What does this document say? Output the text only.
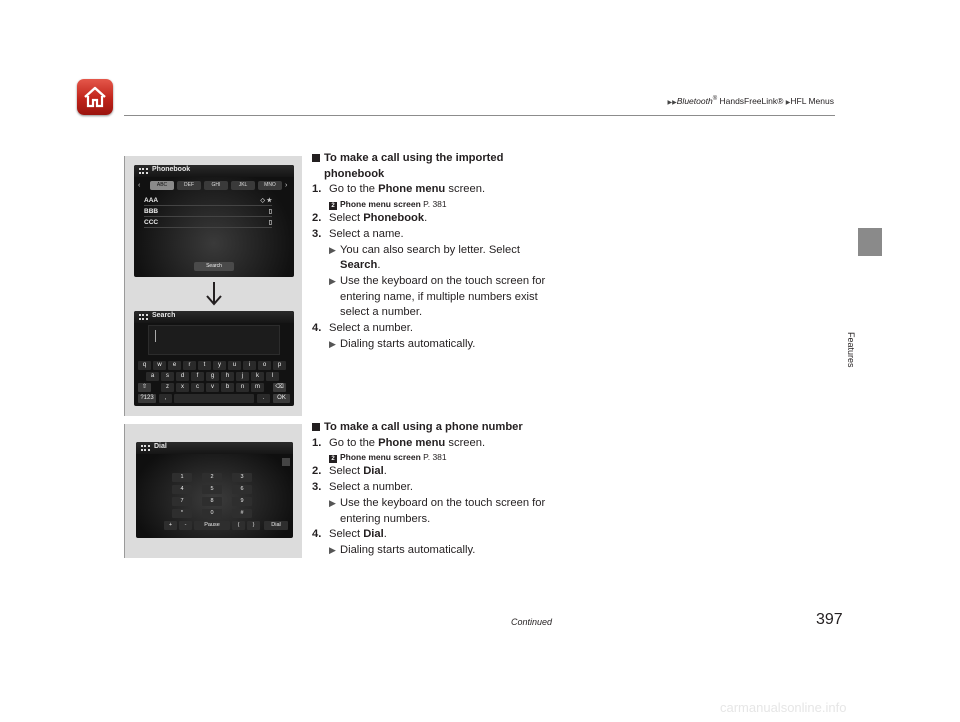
▶▶Bluetooth® HandsFreeLink® ▶HFL Menus
Features
Phonebook
‹	ABC	DEF	GHI	JKL	MNO	›
AAA	◇ ★
BBB	▯
CCC	▯
Search
Search
q	w	e	r	t	y	u	i	o	p
a	s	d	f	g	h	j	k	l
⇧	z	x	c	v	b	n	m	⌫
?123	,	.	OK
Dial
1	2	3
4	5	6
7	8	9
*	0	#
+	-	Pause	(	)	Dial
To make a call using the imported
phonebook
1. Go to the Phone menu screen.
2 Phone menu screen P. 381
2. Select Phonebook.
3. Select a name.
▶ You can also search by letter. Select
Search.
▶ Use the keyboard on the touch screen for
entering name, if multiple numbers exist
select a number.
4. Select a number.
▶ Dialing starts automatically.
To make a call using a phone number
1. Go to the Phone menu screen.
2 Phone menu screen P. 381
2. Select Dial.
3. Select a number.
▶ Use the keyboard on the touch screen for
entering numbers.
4. Select Dial.
▶ Dialing starts automatically.
Continued	397
carmanualsonline.info
